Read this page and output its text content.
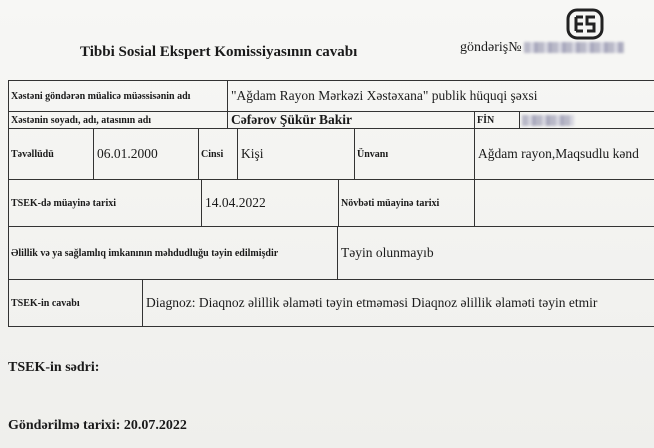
Tibbi Sosial Ekspert Komissiyasının cavabı	göndəriş№
Xəstəni göndərən müalicə müəssisənin adı	"Ağdam Rayon Mərkəzi Xəstəxana" publik hüquqi şəxsi
Xəstənin soyadı, adı, atasının adı	Cəfərov Şükür Bakir	FİN
Təvəllüdü	06.01.2000	Cinsi	Kişi	Ünvanı	Ağdam rayon,Maqsudlu kənd
TSEK-də müayinə tarixi	14.04.2022	Növbəti müayinə tarixi
Əlillik və ya sağlamlıq imkanının məhdudluğu təyin edilmişdir	Təyin olunmayıb
TSEK-in cavabı	Diagnoz: Diaqnoz əlillik əlaməti təyin etməməsi Diaqnoz əlillik əlaməti təyin etmir
TSEK-in sədri:
Göndərilmə tarixi: 20.07.2022
